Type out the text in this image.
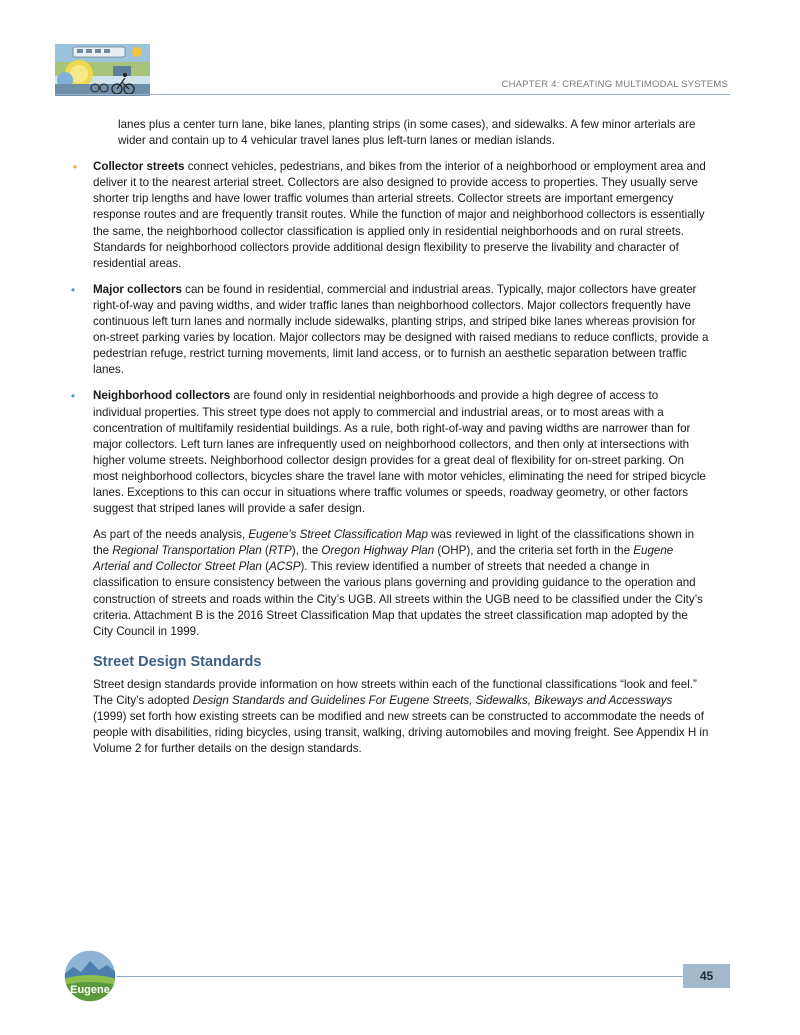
CHAPTER 4: CREATING MULTIMODAL SYSTEMS

lanes plus a center turn lane, bike lanes, planting strips (in some cases), and sidewalks. A few minor arterials are wider and contain up to 4 vehicular travel lanes plus left-turn lanes or median islands.

•	Collector streets connect vehicles, pedestrians, and bikes from the interior of a neighborhood or employment area and deliver it to the nearest arterial street. Collectors are also designed to provide access to properties. They usually serve shorter trip lengths and have lower traffic volumes than arterial streets. Collector streets are important emergency response routes and are frequently transit routes. While the function of major and neighborhood collectors is essentially the same, the neighborhood collector classification is applied only in residential neighborhoods and on rural streets. Standards for neighborhood collectors provide additional design flexibility to preserve the livability and character of residential areas.

•	Major collectors can be found in residential, commercial and industrial areas. Typically, major collectors have greater right-of-way and paving widths, and wider traffic lanes than neighborhood collectors. Major collectors frequently have continuous left turn lanes and normally include sidewalks, planting strips, and striped bike lanes whereas provision for on-street parking varies by location. Major collectors may be designed with raised medians to reduce conflicts, provide a pedestrian refuge, restrict turning movements, limit land access, or to furnish an aesthetic separation between traffic lanes.

•	Neighborhood collectors are found only in residential neighborhoods and provide a high degree of access to individual properties. This street type does not apply to commercial and industrial areas, or to most areas with a concentration of multifamily residential buildings. As a rule, both right-of-way and paving widths are narrower than for major collectors. Left turn lanes are infrequently used on neighborhood collectors, and then only at intersections with higher volume streets. Neighborhood collector design provides for a great deal of flexibility for on-street parking. On most neighborhood collectors, bicycles share the travel lane with motor vehicles, eliminating the need for striped bicycle lanes. Exceptions to this can occur in situations where traffic volumes or speeds, roadway geometry, or other factors suggest that striped lanes will provide a safer design.

As part of the needs analysis, Eugene’s Street Classification Map was reviewed in light of the classifications shown in the Regional Transportation Plan (RTP), the Oregon Highway Plan (OHP), and the criteria set forth in the Eugene Arterial and Collector Street Plan (ACSP). This review identified a number of streets that needed a change in classification to ensure consistency between the various plans governing and providing guidance to the operation and construction of streets and roads within the City’s UGB. All streets within the UGB need to be classified under the City’s criteria. Attachment B is the 2016 Street Classification Map that updates the street classification map adopted by the City Council in 1999.

Street Design Standards

Street design standards provide information on how streets within each of the functional classifications “look and feel.” The City’s adopted Design Standards and Guidelines For Eugene Streets, Sidewalks, Bikeways and Accessways (1999) set forth how existing streets can be modified and new streets can be constructed to accommodate the needs of people with disabilities, riding bicycles, using transit, walking, driving automobiles and moving freight. See Appendix H in Volume 2 for further details on the design standards.

Eugene
45
